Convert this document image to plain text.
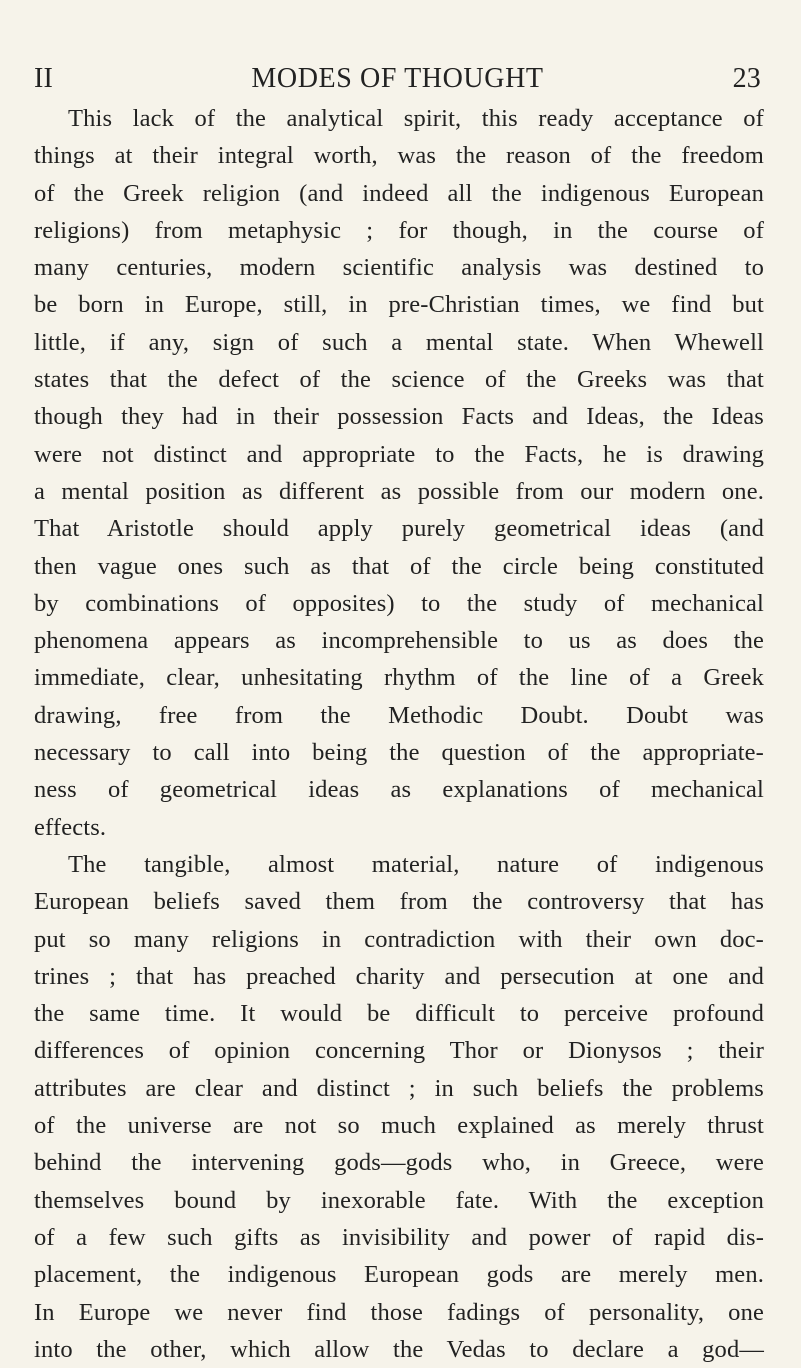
II	MODES OF THOUGHT	23
This lack of the analytical spirit, this ready acceptance of
things at their integral worth, was the reason of the freedom
of the Greek religion (and indeed all the indigenous European
religions) from metaphysic ; for though, in the course of
many centuries, modern scientific analysis was destined to
be born in Europe, still, in pre-Christian times, we find but
little, if any, sign of such a mental state. When Whewell
states that the defect of the science of the Greeks was that
though they had in their possession Facts and Ideas, the Ideas
were not distinct and appropriate to the Facts, he is drawing
a mental position as different as possible from our modern one.
That Aristotle should apply purely geometrical ideas (and
then vague ones such as that of the circle being constituted
by combinations of opposites) to the study of mechanical
phenomena appears as incomprehensible to us as does the
immediate, clear, unhesitating rhythm of the line of a Greek
drawing, free from the Methodic Doubt. Doubt was
necessary to call into being the question of the appropriate-
ness of geometrical ideas as explanations of mechanical
effects.
The tangible, almost material, nature of indigenous
European beliefs saved them from the controversy that has
put so many religions in contradiction with their own doc-
trines ; that has preached charity and persecution at one and
the same time. It would be difficult to perceive profound
differences of opinion concerning Thor or Dionysos ; their
attributes are clear and distinct ; in such beliefs the problems
of the universe are not so much explained as merely thrust
behind the intervening gods—gods who, in Greece, were
themselves bound by inexorable fate. With the exception
of a few such gifts as invisibility and power of rapid dis-
placement, the indigenous European gods are merely men.
In Europe we never find those fadings of personality, one
into the other, which allow the Vedas to declare a god—
